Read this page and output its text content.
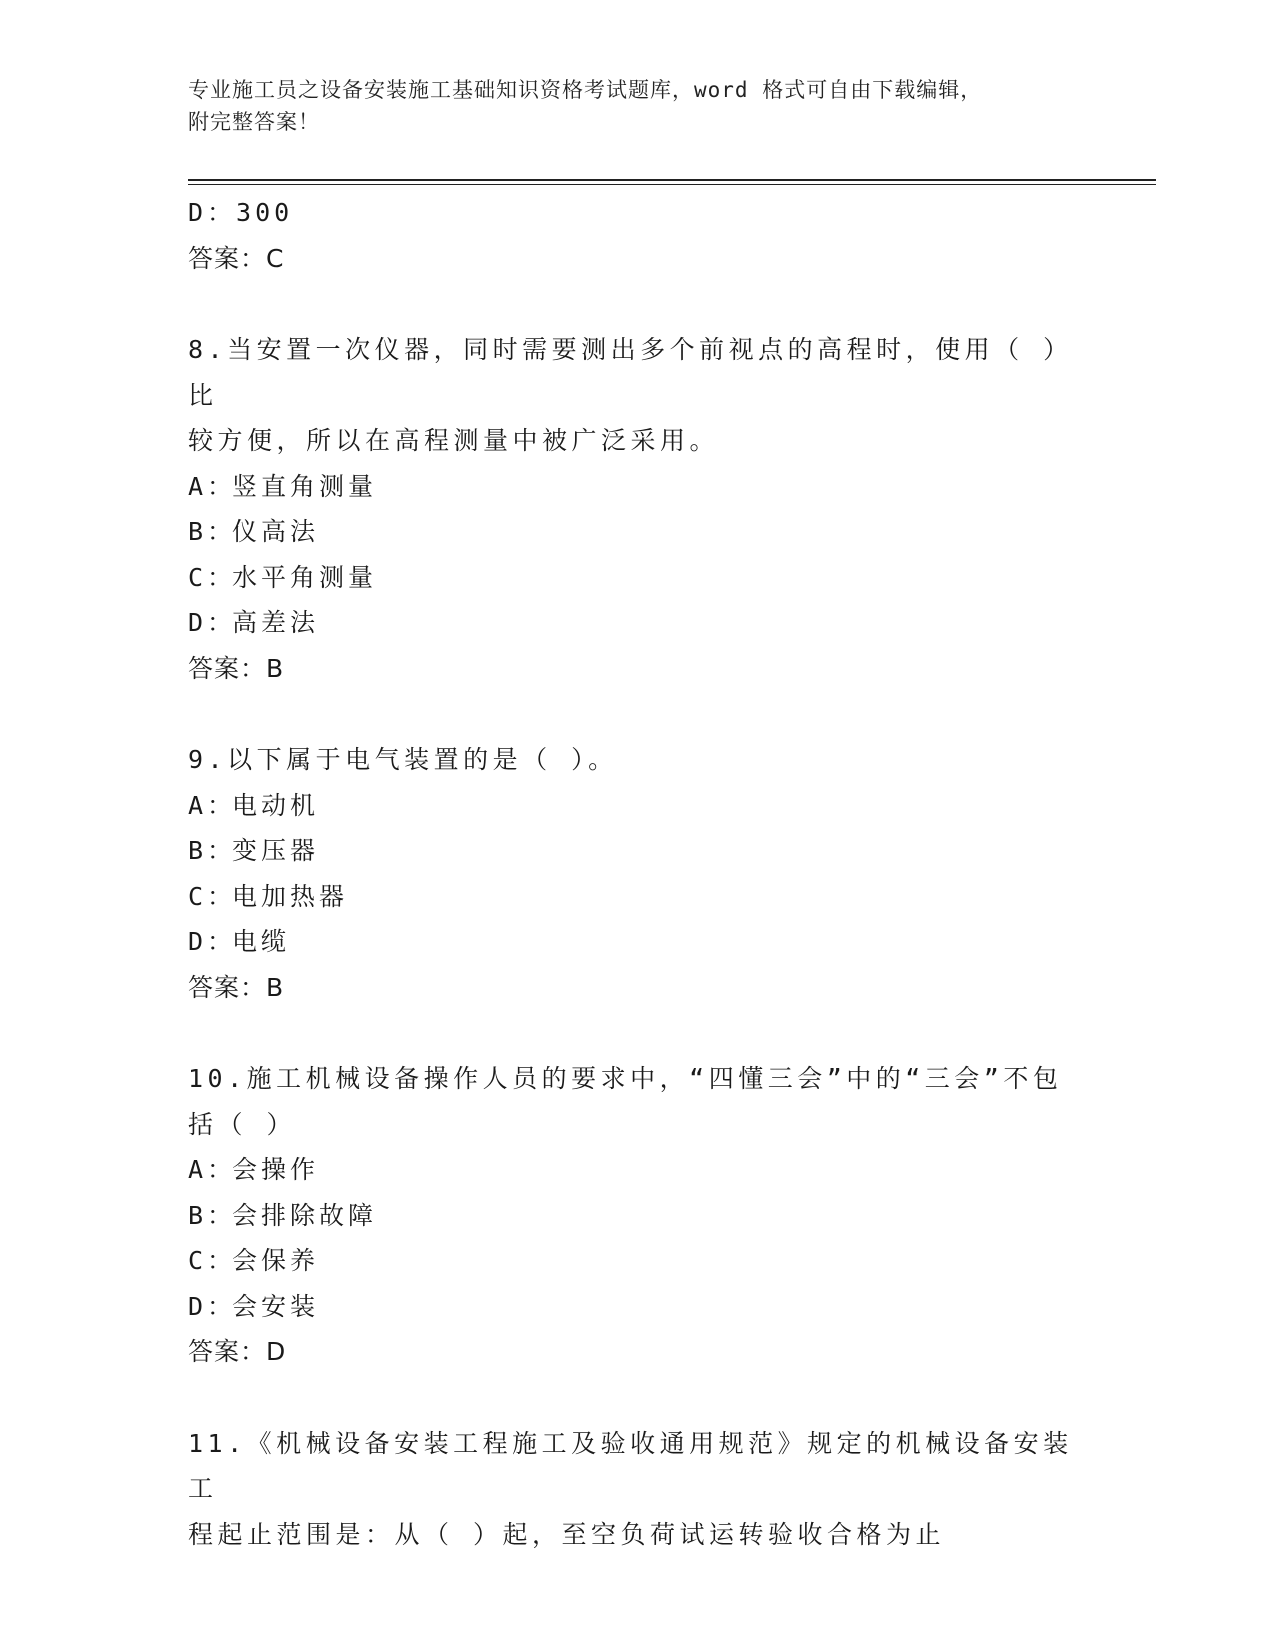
专业施工员之设备安装施工基础知识资格考试题库，word 格式可自由下载编辑，
附完整答案！
D：300
答案：C
8.当安置一次仪器，同时需要测出多个前视点的高程时，使用（ ）比
较方便，所以在高程测量中被广泛采用。
A：竖直角测量
B：仪高法
C：水平角测量
D：高差法
答案：B
9.以下属于电气装置的是（ ）。
A：电动机
B：变压器
C：电加热器
D：电缆
答案：B
10.施工机械设备操作人员的要求中，“四懂三会”中的“三会”不包
括（ ）
A：会操作
B：会排除故障
C：会保养
D：会安装
答案：D
11.《机械设备安装工程施工及验收通用规范》规定的机械设备安装工
程起止范围是：从（ ）起，至空负荷试运转验收合格为止
